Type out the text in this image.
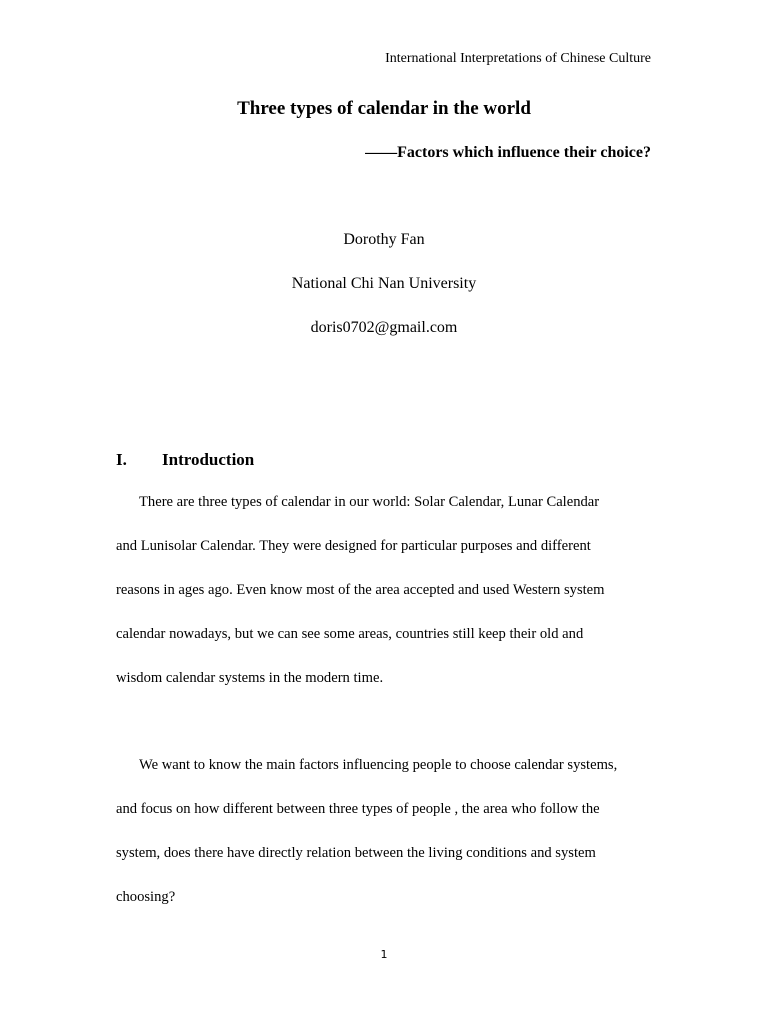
International Interpretations of Chinese Culture
Three types of calendar in the world
——Factors which influence their choice?
Dorothy Fan
National Chi Nan University
doris0702@gmail.com
I. Introduction
There are three types of calendar in our world: Solar Calendar, Lunar Calendar
and Lunisolar Calendar. They were designed for particular purposes and different
reasons in ages ago. Even know most of the area accepted and used Western system
calendar nowadays, but we can see some areas, countries still keep their old and
wisdom calendar systems in the modern time.
We want to know the main factors influencing people to choose calendar systems,
and focus on how different between three types of people , the area who follow the
system, does there have directly relation between the living conditions and system
choosing?
1
